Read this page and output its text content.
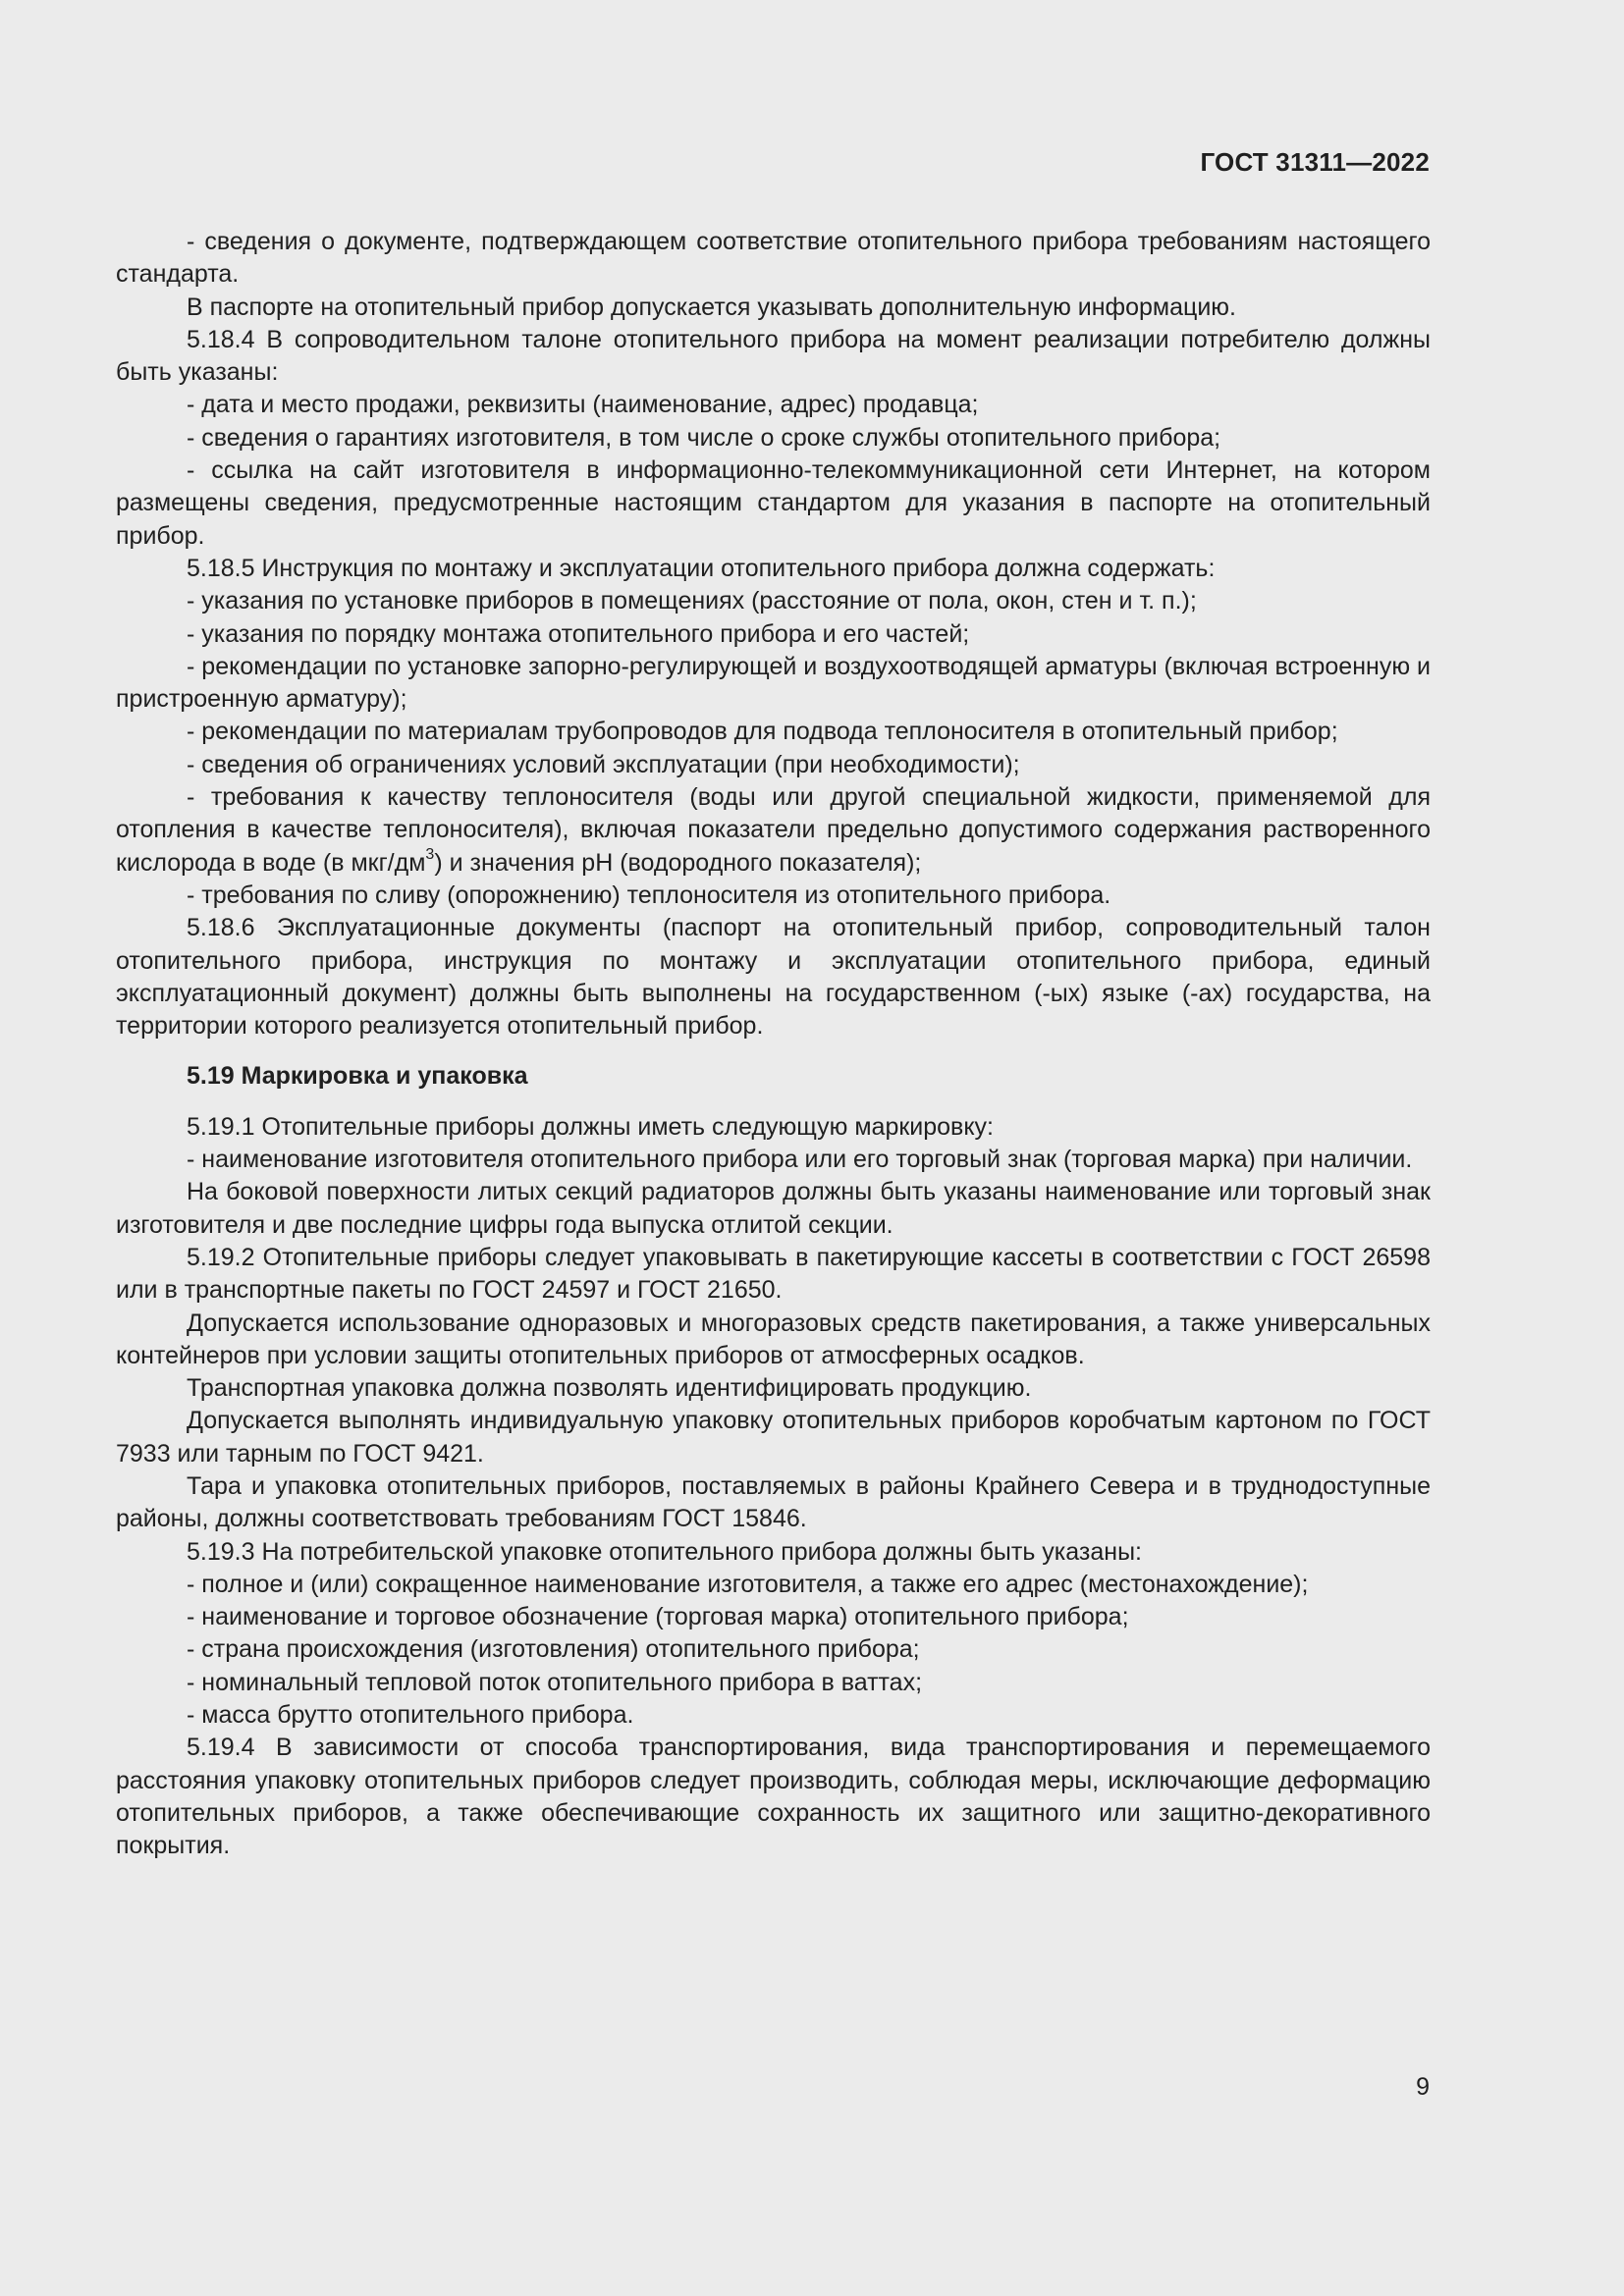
ГОСТ 31311—2022

- сведения о документе, подтверждающем соответствие отопительного прибора требованиям настоящего стандарта.

В паспорте на отопительный прибор допускается указывать дополнительную информацию.

5.18.4 В сопроводительном талоне отопительного прибора на момент реализации потребителю должны быть указаны:

- дата и место продажи, реквизиты (наименование, адрес) продавца;

- сведения о гарантиях изготовителя, в том числе о сроке службы отопительного прибора;

- ссылка на сайт изготовителя в информационно-телекоммуникационной сети Интернет, на котором размещены сведения, предусмотренные настоящим стандартом для указания в паспорте на отопительный прибор.

5.18.5 Инструкция по монтажу и эксплуатации отопительного прибора должна содержать:

- указания по установке приборов в помещениях (расстояние от пола, окон, стен и т. п.);

- указания по порядку монтажа отопительного прибора и его частей;

- рекомендации по установке запорно-регулирующей и воздухоотводящей арматуры (включая встроенную и пристроенную арматуру);

- рекомендации по материалам трубопроводов для подвода теплоносителя в отопительный прибор;

- сведения об ограничениях условий эксплуатации (при необходимости);

- требования к качеству теплоносителя (воды или другой специальной жидкости, применяемой для отопления в качестве теплоносителя), включая показатели предельно допустимого содержания растворенного кислорода в воде (в мкг/$дм^3$) и значения pH (водородного показателя);

- требования по сливу (опорожнению) теплоносителя из отопительного прибора.

5.18.6 Эксплуатационные документы (паспорт на отопительный прибор, сопроводительный талон отопительного прибора, инструкция по монтажу и эксплуатации отопительного прибора, единый эксплуатационный документ) должны быть выполнены на государственном (-ых) языке (-ах) государства, на территории которого реализуется отопительный прибор.

5.19 Маркировка и упаковка

5.19.1 Отопительные приборы должны иметь следующую маркировку:

- наименование изготовителя отопительного прибора или его торговый знак (торговая марка) при наличии.

На боковой поверхности литых секций радиаторов должны быть указаны наименование или торговый знак изготовителя и две последние цифры года выпуска отлитой секции.

5.19.2 Отопительные приборы следует упаковывать в пакетирующие кассеты в соответствии с ГОСТ 26598 или в транспортные пакеты по ГОСТ 24597 и ГОСТ 21650.

Допускается использование одноразовых и многоразовых средств пакетирования, а также универсальных контейнеров при условии защиты отопительных приборов от атмосферных осадков.

Транспортная упаковка должна позволять идентифицировать продукцию.

Допускается выполнять индивидуальную упаковку отопительных приборов коробчатым картоном по ГОСТ 7933 или тарным по ГОСТ 9421.

Тара и упаковка отопительных приборов, поставляемых в районы Крайнего Севера и в труднодоступные районы, должны соответствовать требованиям ГОСТ 15846.

5.19.3 На потребительской упаковке отопительного прибора должны быть указаны:

- полное и (или) сокращенное наименование изготовителя, а также его адрес (местонахождение);

- наименование и торговое обозначение (торговая марка) отопительного прибора;

- страна происхождения (изготовления) отопительного прибора;

- номинальный тепловой поток отопительного прибора в ваттах;

- масса брутто отопительного прибора.

5.19.4 В зависимости от способа транспортирования, вида транспортирования и перемещаемого расстояния упаковку отопительных приборов следует производить, соблюдая меры, исключающие деформацию отопительных приборов, а также обеспечивающие сохранность их защитного или защитно-декоративного покрытия.

9
